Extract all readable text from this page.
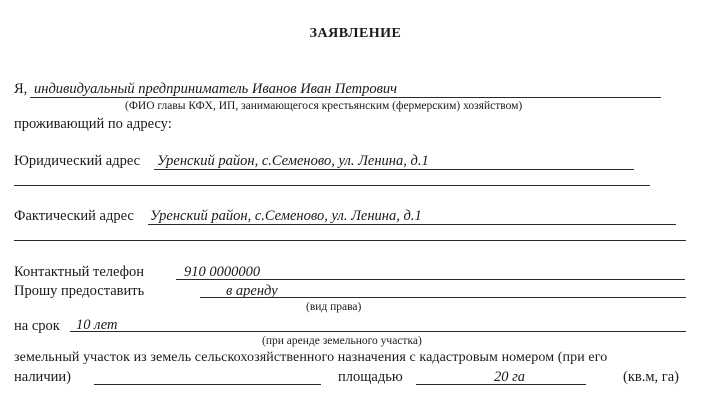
ЗАЯВЛЕНИЕ
Я, индивидуальный предприниматель Иванов Иван Петрович
(ФИО главы КФХ, ИП, занимающегося крестьянским (фермерским) хозяйством)
проживающий по адресу:
Юридический адрес Уренский район, с.Семеново, ул. Ленина, д.1
Фактический адрес Уренский район, с.Семеново, ул. Ленина, д.1
Контактный телефон	910 0000000
Прошу предоставить	в аренду
(вид права)
на срок 10 лет
(при аренде земельного участка)
земельный участок из земель сельскохозяйственного назначения с кадастровым номером (при его
наличии)	площадью	20 га	(кв.м, га)
